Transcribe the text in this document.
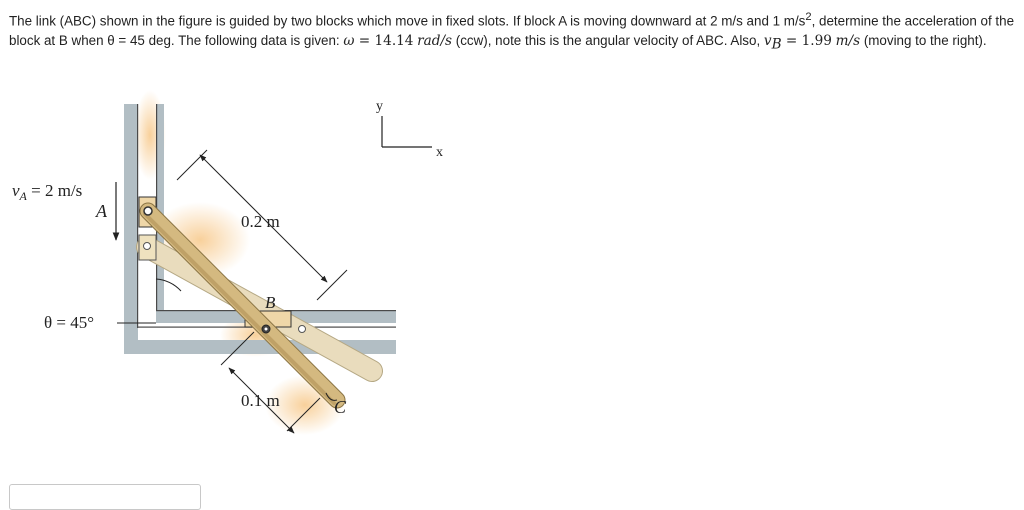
The link (ABC) shown in the figure is guided by two blocks which move in fixed slots. If block A is moving downward at 2 m/s and 1 $m/s^2$, determine the acceleration of the block at B when θ = 45 deg. The following data is given: ω = 14.14 rad/s (ccw), note this is the angular velocity of ABC. Also, $v_B = 1.99$ m/s (moving to the right).

$v_A = 2$ m/s
A
θ = 45°
0.2 m
0.1 m
B
C
y
x
